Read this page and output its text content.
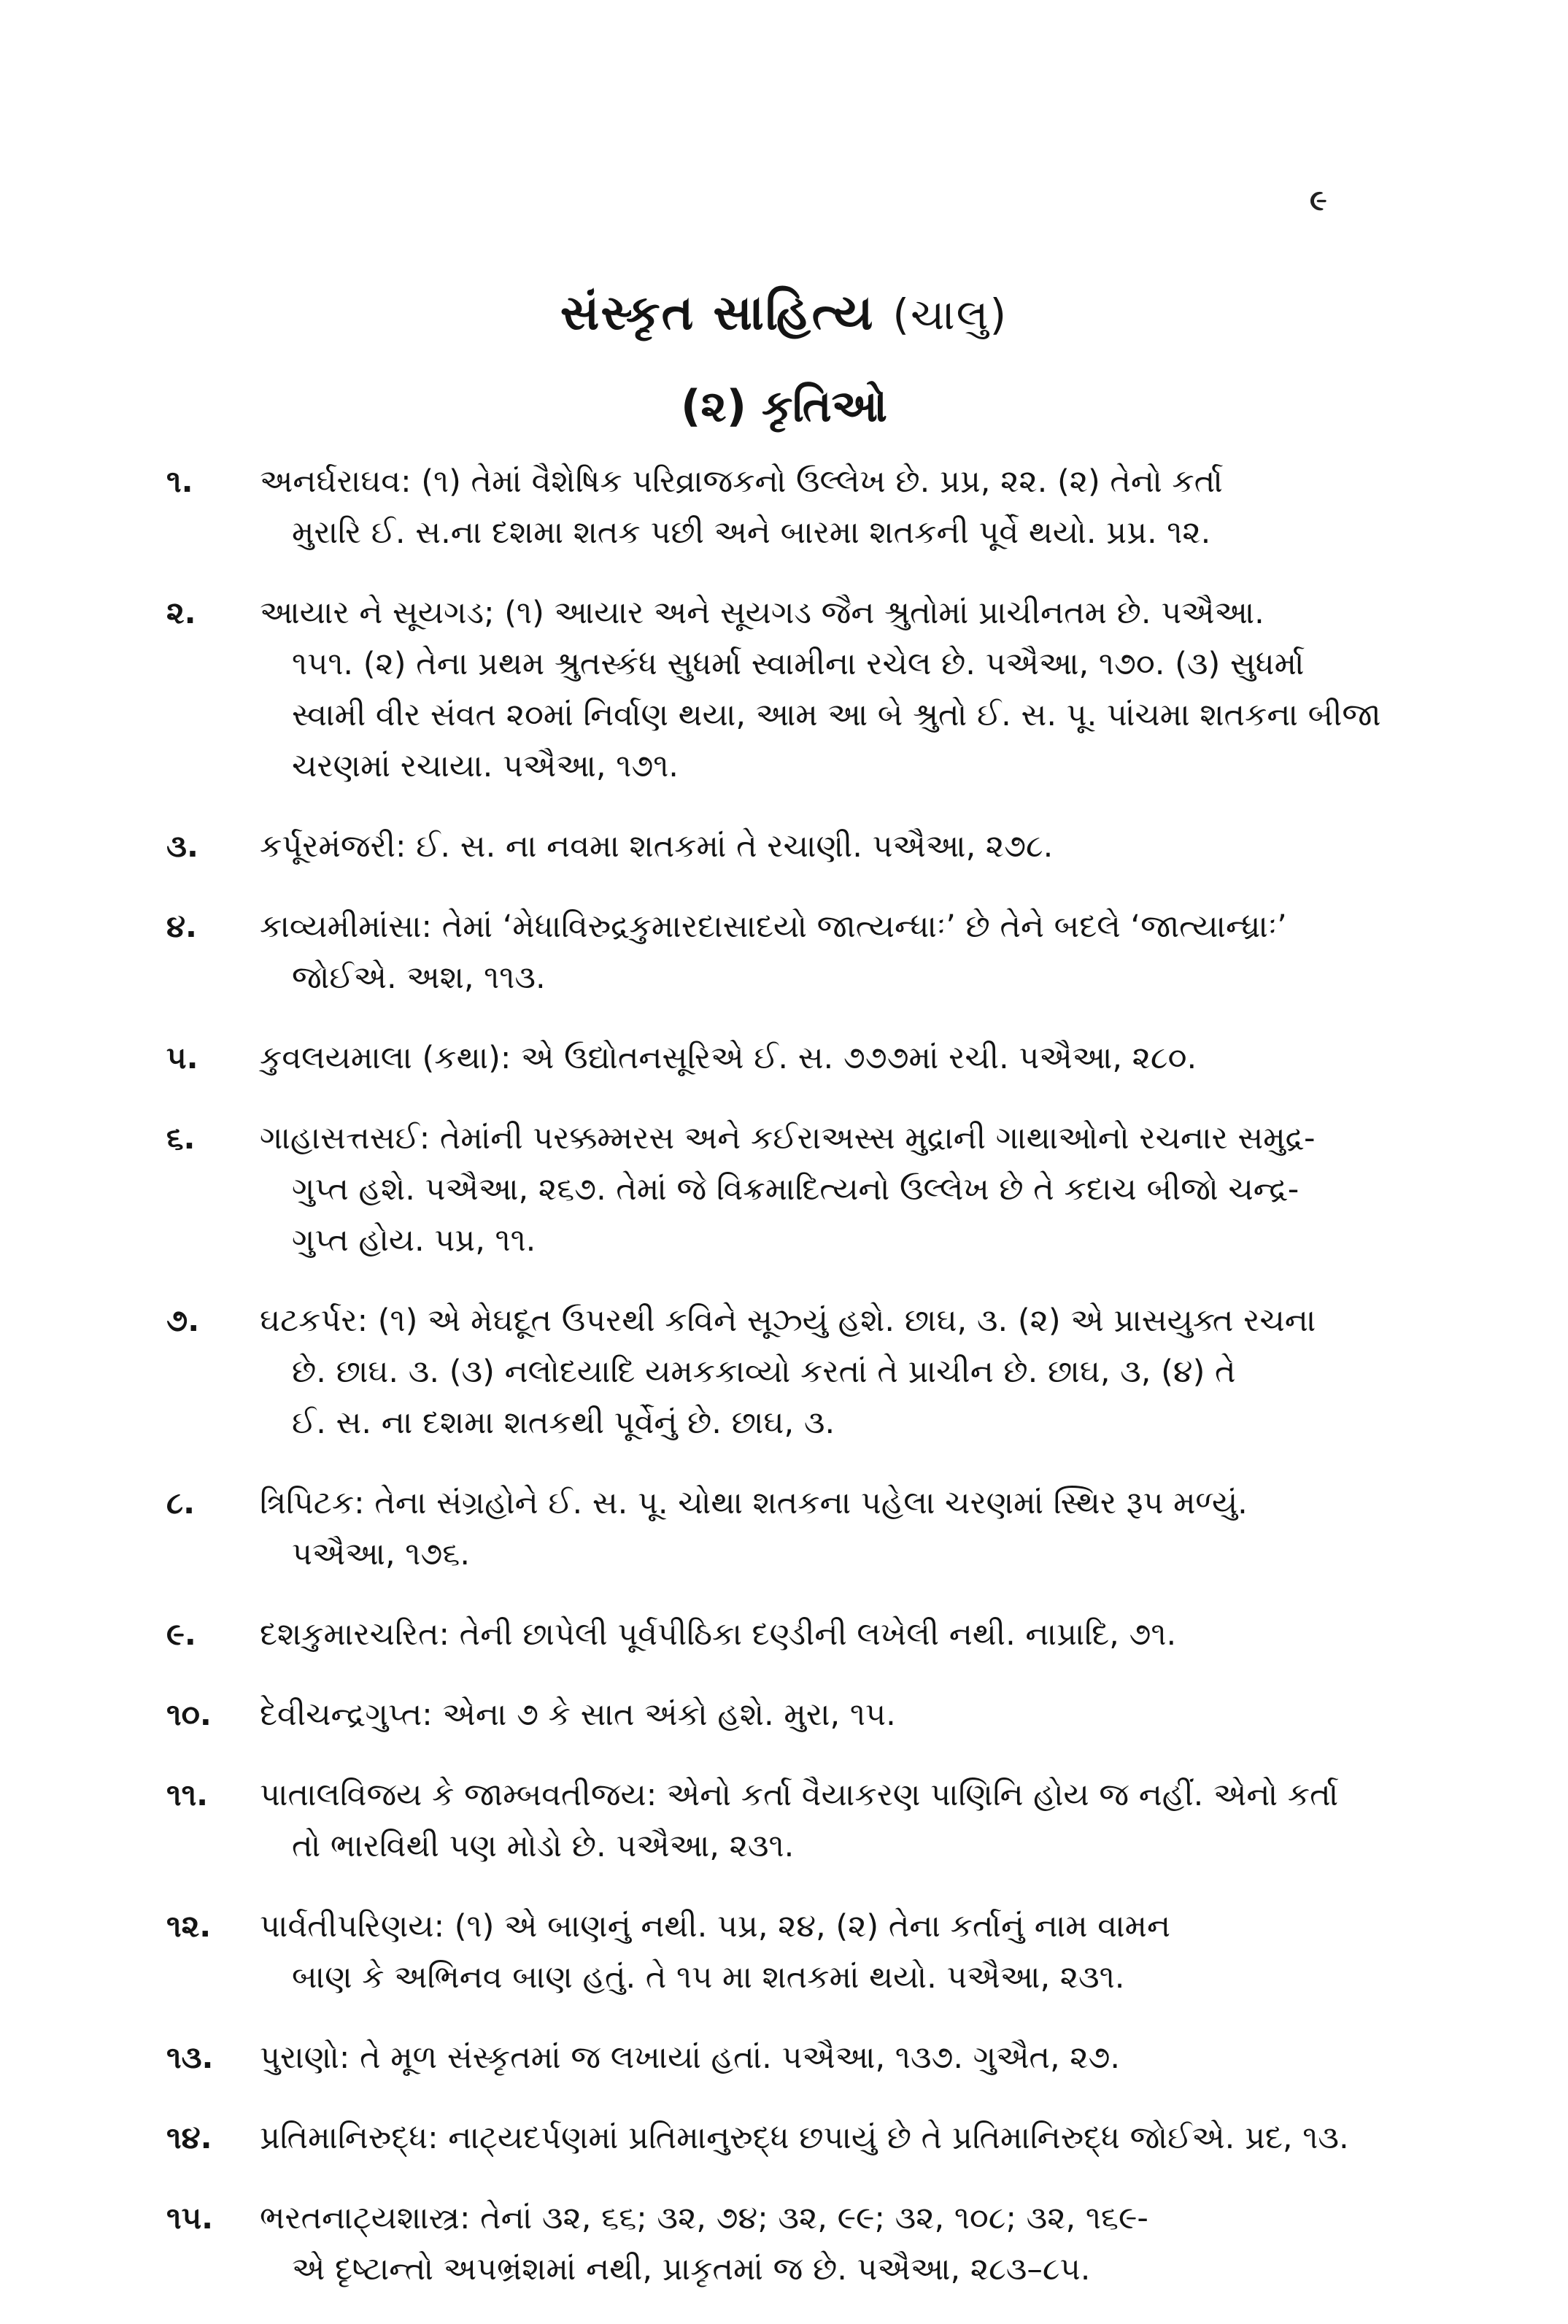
૯
સંસ્કૃત સાહિત્ય (ચાલુ)
(૨) કૃતિઓ
૧.	અનર્ઘરાઘવ: (૧) તેમાં વૈશેષિક પરિવ્રાજકનો ઉલ્લેખ છે. પ્રપ્ર, ૨૨. (૨) તેનો કર્તા
મુરારિ ઈ. સ.ના દશમા શતક પછી અને બારમા શતકની પૂર્વે થયો. પ્રપ્ર. ૧૨.
૨.	આયાર ને સૂયગડ; (૧) આયાર અને સૂયગડ જૈન શ્રુતોમાં પ્રાચીનતમ છે. પઐઆ.
૧૫૧. (૨) તેના પ્રથમ શ્રુતસ્કંધ સુધર્મા સ્વામીના રચેલ છે. પઐઆ, ૧૭૦. (૩) સુધર્મા
સ્વામી વીર સંવત ૨૦માં નિર્વાણ થયા, આમ આ બે શ્રુતો ઈ. સ. પૂ. પાંચમા શતકના બીજા
ચરણમાં રચાયા. પઐઆ, ૧૭૧.
૩.	કર્પૂરમંજરી: ઈ. સ. ના નવમા શતકમાં તે રચાણી. પઐઆ, ૨૭૮.
૪.	કાવ્યમીમાંસા: તેમાં ‘મેધાવિરુદ્રકુમારદાસાદયો જાત્યન્ધાઃ’ છે તેને બદલે ‘જાત્યાન્ધ્રાઃ’
જોઈએ. અશ, ૧૧૩.
૫.	કુવલયમાલા (કથા): એ ઉદ્યોતનસૂરિએ ઈ. સ. ૭૭૭માં રચી. પઐઆ, ૨૮૦.
૬.	ગાહાસત્તસઈ: તેમાંની પરક્કમ્મરસ અને કઈરાઅસ્સ મુદ્રાની ગાથાઓનો રચનાર સમુદ્ર-
ગુપ્ત હશે. પઐઆ, ૨૬૭. તેમાં જે વિક્રમાદિત્યનો ઉલ્લેખ છે તે કદાચ બીજો ચન્દ્ર-
ગુપ્ત હોય. પપ્ર, ૧૧.
૭.	ઘટકર્પર: (૧) એ મેઘદૂત ઉપરથી કવિને સૂઝ્યું હશે. છાઘ, ૩. (૨) એ પ્રાસયુક્ત રચના
છે. છાઘ. ૩. (૩) નલોદયાદિ યમકકાવ્યો કરતાં તે પ્રાચીન છે. છાઘ, ૩, (૪) તે
ઈ. સ. ના દશમા શતકથી પૂર્વેનું છે. છાઘ, ૩.
૮.	ત્રિપિટક: તેના સંગ્રહોને ઈ. સ. પૂ. ચોથા શતકના પહેલા ચરણમાં સ્થિર રૂપ મળ્યું.
પઐઆ, ૧૭૬.
૯.	દશકુમારચરિત: તેની છાપેલી પૂર્વપીઠિકા દણ્ડીની લખેલી નથી. નાપ્રાદિ, ૭૧.
૧૦.	દેવીચન્દ્રગુપ્ત: એના ૭ કે સાત અંકો હશે. મુરા, ૧૫.
૧૧.	પાતાલવિજય કે જામ્બવતીજય: એનો કર્તા વૈયાકરણ પાણિનિ હોય જ નહીં. એનો કર્તા
તો ભારવિથી પણ મોડો છે. પઐઆ, ૨૩૧.
૧૨.	પાર્વતીપરિણય: (૧) એ બાણનું નથી. પપ્ર, ૨૪, (૨) તેના કર્તાનું નામ વામન
બાણ કે અભિનવ બાણ હતું. તે ૧૫ મા શતકમાં થયો. પઐઆ, ૨૩૧.
૧૩.	પુરાણો: તે મૂળ સંસ્કૃતમાં જ લખાયાં હતાં. પઐઆ, ૧૩૭. ગુઐત, ૨૭.
૧૪.	પ્રતિમાનિરુદ્ધ: નાટ્યદર્પણમાં પ્રતિમાનુરુદ્ધ છપાયું છે તે પ્રતિમાનિરુદ્ધ જોઈએ. પ્રદ, ૧૩.
૧૫.	ભરતનાટ્યશાસ્ત્ર: તેનાં ૩૨, ૬૬; ૩૨, ૭૪; ૩૨, ૯૯; ૩૨, ૧૦૮; ૩૨, ૧૬૯-
એ દૃષ્ટાન્તો અપભ્રંશમાં નથી, પ્રાકૃતમાં જ છે. પઐઆ, ૨૮૩–૮૫.
